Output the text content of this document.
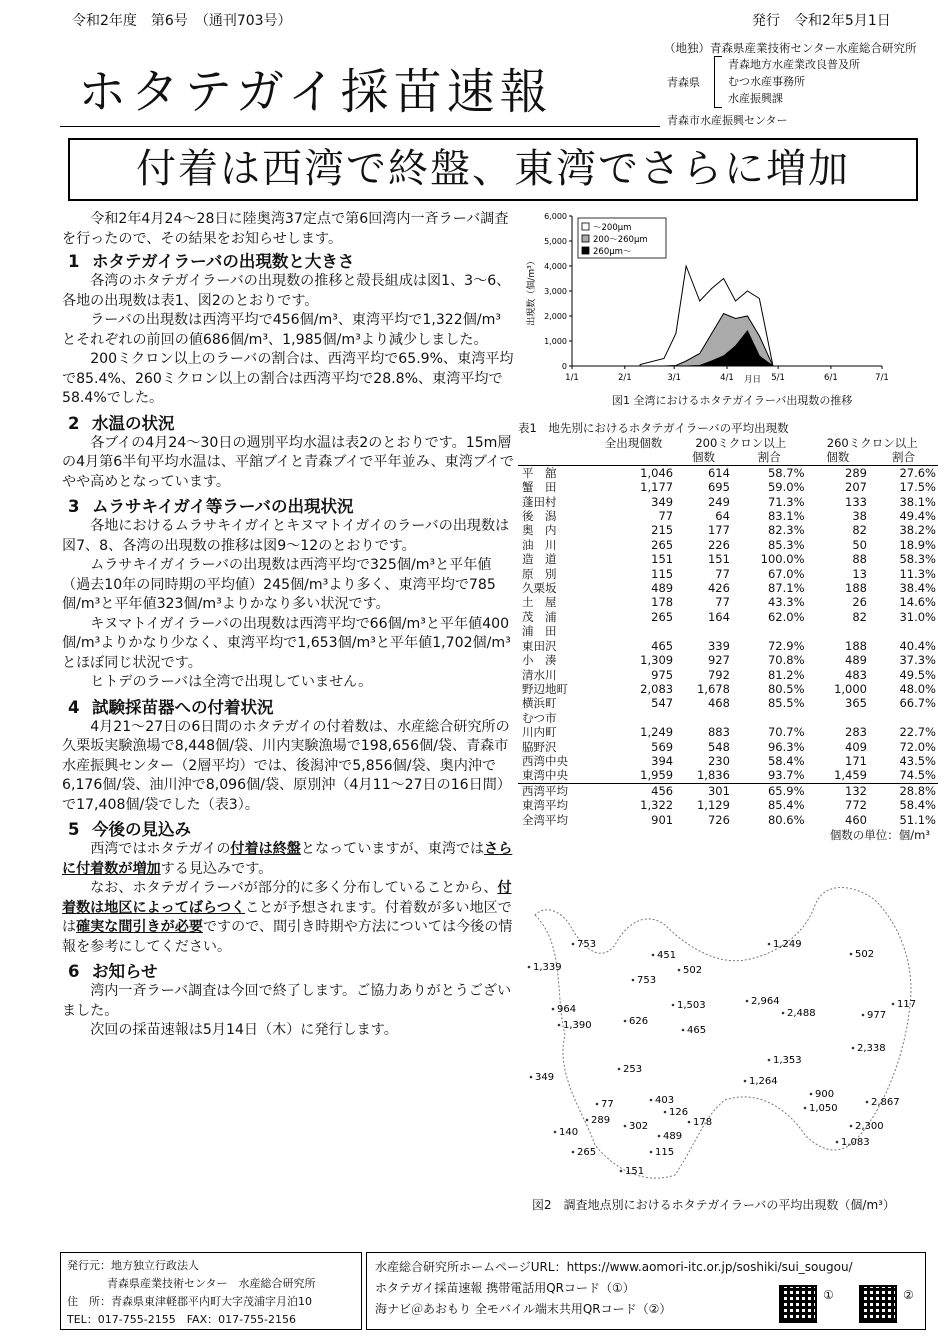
令和2年度　第6号　（通刊703号）	発行　令和2年5月1日
ホタテガイ採苗速報
（地独）青森県産業技術センター水産総合研究所
青森県
青森地方水産業改良普及所
むつ水産事務所
水産振興課
青森市水産振興センター
付着は西湾で終盤、東湾でさらに増加

令和2年4月24～28日に陸奥湾37定点で第6回湾内一斉ラーバ調査を行ったので、その結果をお知らせします。

1 ホタテガイラーバの出現数と大きさ

各湾のホタテガイラーバの出現数の推移と殻長組成は図1、3～6、各地の出現数は表1、図2のとおりです。

ラーバの出現数は西湾平均で456個/m³、東湾平均で1,322個/m³とそれぞれの前回の値686個/m³、1,985個/m³より減少しました。

200ミクロン以上のラーバの割合は、西湾平均で65.9%、東湾平均で85.4%、260ミクロン以上の割合は西湾平均で28.8%、東湾平均で58.4%でした。

2 水温の状況

各ブイの4月24～30日の週別平均水温は表2のとおりです。15m層の4月第6半旬平均水温は、平舘ブイと青森ブイで平年並み、東湾ブイでやや高めとなっています。

3 ムラサキイガイ等ラーバの出現状況

各地におけるムラサキイガイとキヌマトイガイのラーバの出現数は図7、8、各湾の出現数の推移は図9～12のとおりです。

ムラサキイガイラーバの出現数は西湾平均で325個/m³と平年値（過去10年の同時期の平均値）245個/m³より多く、東湾平均で785個/m³と平年値323個/m³よりかなり多い状況です。

キヌマトイガイラーバの出現数は西湾平均で66個/m³と平年値400個/m³よりかなり少なく、東湾平均で1,653個/m³と平年値1,702個/m³とほぼ同じ状況です。

ヒトデのラーバは全湾で出現していません。

4 試験採苗器への付着状況

4月21～27日の6日間のホタテガイの付着数は、水産総合研究所の久栗坂実験漁場で8,448個/袋、川内実験漁場で198,656個/袋、青森市水産振興センター（2層平均）では、後潟沖で5,856個/袋、奥内沖で6,176個/袋、油川沖で8,096個/袋、原別沖（4月11～27日の16日間）で17,408個/袋でした（表3）。

5 今後の見込み

西湾ではホタテガイの付着は終盤となっていますが、東湾ではさらに付着数が増加する見込みです。

なお、ホタテガイラーバが部分的に多く分布していることから、付着数は地区によってばらつくことが予想されます。付着数が多い地区では確実な間引きが必要ですので、間引き時期や方法については今後の情報を参考にしてください。

6 お知らせ

湾内一斉ラーバ調査は今回で終了します。ご協力ありがとうございました。

次回の採苗速報は5月14日（木）に発行します。

6,000
5,000
4,000
3,000
2,000
1,000
0
1/1	2/1	3/1	4/1	5/1	6/1	7/1
月日
出現数（個/m³）
～200μm
200～260μm
260μm～
図1 全湾におけるホタテガイラーバ出現数の推移
表1　地先別におけるホタテガイラーバの平均出現数
	全出現個数	200ミクロン以上		260ミクロン以上	
		個数	割合	個数	割合
平　舘	1,046	614	58.7%	289	27.6%
蟹　田	1,177	695	59.0%	207	17.5%
蓬田村	349	249	71.3%	133	38.1%
後　潟	77	64	83.1%	38	49.4%
奥　内	215	177	82.3%	82	38.2%
油　川	265	226	85.3%	50	18.9%
造　道	151	151	100.0%	88	58.3%
原　別	115	77	67.0%	13	11.3%
久栗坂	489	426	87.1%	188	38.4%
土　屋	178	77	43.3%	26	14.6%
茂　浦	265	164	62.0%	82	31.0%
浦　田					
東田沢	465	339	72.9%	188	40.4%
小　湊	1,309	927	70.8%	489	37.3%
清水川	975	792	81.2%	483	49.5%
野辺地町	2,083	1,678	80.5%	1,000	48.0%
横浜町	547	468	85.5%	365	66.7%
むつ市					
川内町	1,249	883	70.7%	283	22.7%
脇野沢	569	548	96.3%	409	72.0%
西湾中央	394	230	58.4%	171	43.5%
東湾中央	1,959	1,836	93.7%	1,459	74.5%
西湾平均	456	301	65.9%	132	28.8%
東湾平均	1,322	1,129	85.4%	772	58.4%
全湾平均	901	726	80.6%	460	51.1%
個数の単位：個/m³
753
1,339
451
502
753
1,249
502
964
1,390	626
1,503	2,964
2,488	977
117
465
2,338
1,353
349
253
1,264
900
77	403
1,050
2,867
289
126
140
302	178	2,300
489
1,083
115
265
151
図2　調査地点別におけるホタテガイラーバの平均出現数（個/m³）
発行元：地方独立行政法人
青森県産業技術センター　水産総合研究所
住　所：青森県東津軽郡平内町大字茂浦字月泊10
TEL：017-755-2155　FAX：017-755-2156
水産総合研究所ホームページURL：https://www.aomori-itc.or.jp/soshiki/sui_sougou/
ホタテガイ採苗速報 携帯電話用QRコード（①）
海ナビ＠あおもり 全モバイル端末共用QRコード（②）
①	②
